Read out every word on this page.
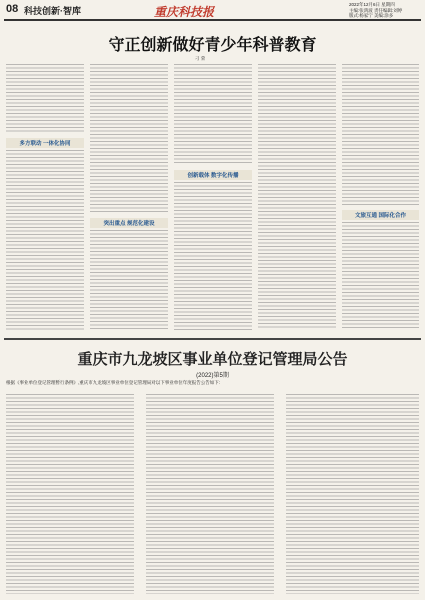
08 科技创新·智库	重庆科技报
2022年12月6日 星期四
主编:张鸿波 责任编辑:刘婷
版式:杨家宁 美编:涂多
守正创新做好青少年科普教育
刁 荣
多方联动 一体化协同
突出重点 规范化建设
创新载体 数字化传播
文旅互通 国际化合作
重庆市九龙坡区事业单位登记管理局公告
(2022)第5期
根据《事业单位登记管理暂行条例》,重庆市九龙坡区事业单位登记管理局对以下事业单位年度报告公告如下:
